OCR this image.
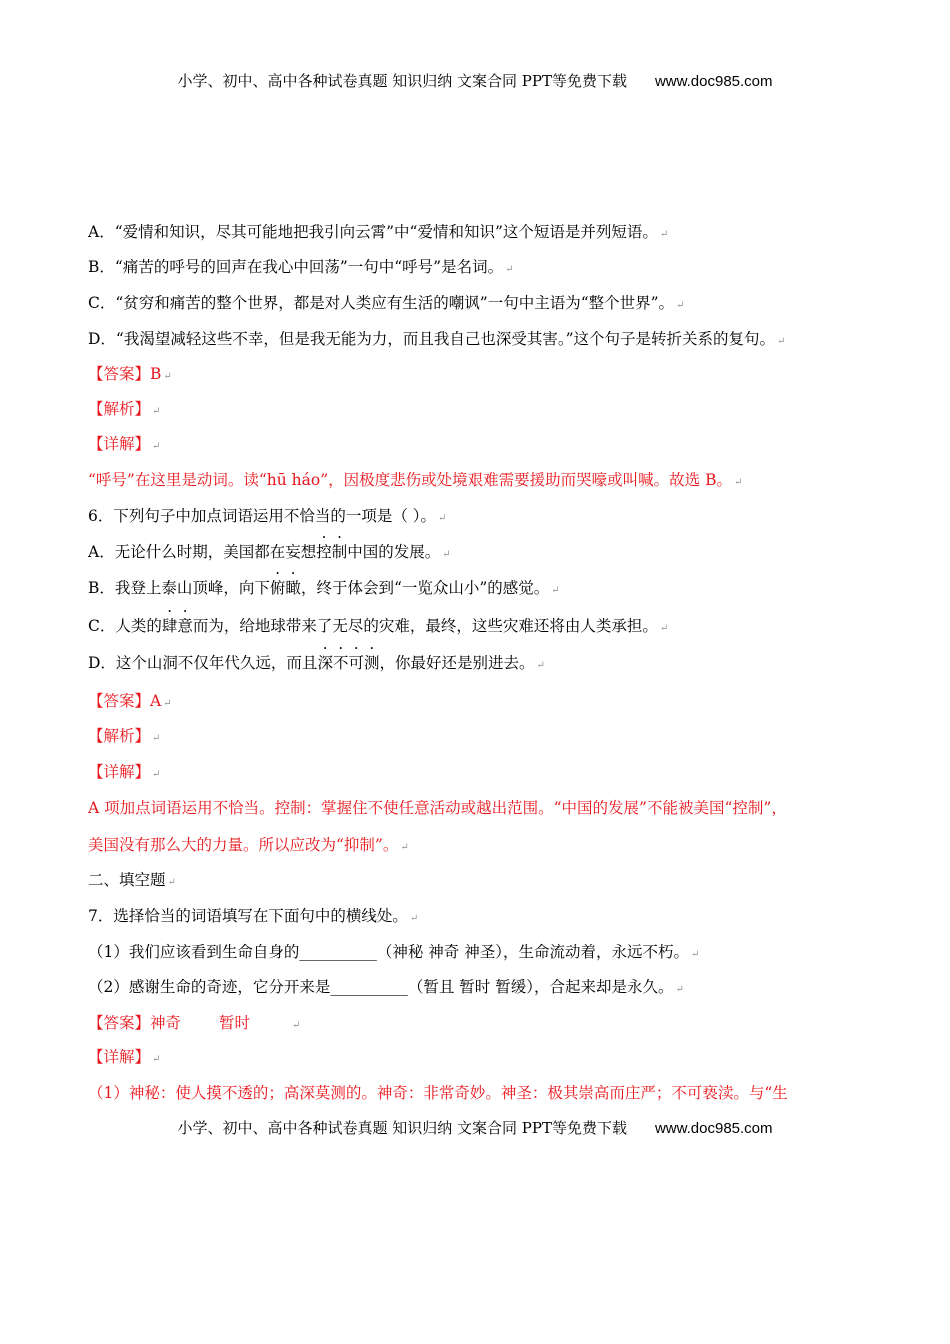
小学、初中、高中各种试卷真题 知识归纳 文案合同 PPT等免费下载 www.doc985.com
A．“爱情和知识，尽其可能地把我引向云霄”中“爱情和知识”这个短语是并列短语。 ↵
B．“痛苦的呼号的回声在我心中回荡”一句中“呼号”是名词。 ↵
C．“贫穷和痛苦的整个世界，都是对人类应有生活的嘲讽”一句中主语为“整个世界”。 ↵
D．“我渴望减轻这些不幸，但是我无能为力，而且我自己也深受其害。”这个句子是转折关系的复句。 ↵
【答案】B ↵
【解析】 ↵
【详解】 ↵
“呼号”在这里是动词。读“hū háo”，因极度悲伤或处境艰难需要援助而哭嚎或叫喊。故选 B。 ↵
6．下列句子中加点词语运用不恰当的一项是（ ）。 ↵
A．无论什么时期，美国都在妄想控制中国的发展。 ↵
B．我登上泰山顶峰，向下俯瞰，终于体会到“一览众山小”的感觉。 ↵
C．人类的肆意而为，给地球带来了无尽的灾难，最终，这些灾难还将由人类承担。 ↵
D．这个山洞不仅年代久远，而且深不可测，你最好还是别进去。 ↵
【答案】A ↵
【解析】 ↵
【详解】 ↵
A 项加点词语运用不恰当。控制：掌握住不使任意活动或越出范围。“中国的发展”不能被美国“控制”，
美国没有那么大的力量。所以应改为“抑制”。 ↵
二、填空题 ↵
7．选择恰当的词语填写在下面句中的横线处。 ↵
（1）我们应该看到生命自身的__________（神秘 神奇 神圣），生命流动着，永远不朽。 ↵
（2）感谢生命的奇迹，它分开来是__________（暂且 暂时 暂缓），合起来却是永久。 ↵
【答案】神奇 暂时	↵
【详解】 ↵
（1）神秘：使人摸不透的；高深莫测的。神奇：非常奇妙。神圣：极其崇高而庄严；不可亵渎。与“生
小学、初中、高中各种试卷真题 知识归纳 文案合同 PPT等免费下载 www.doc985.com
